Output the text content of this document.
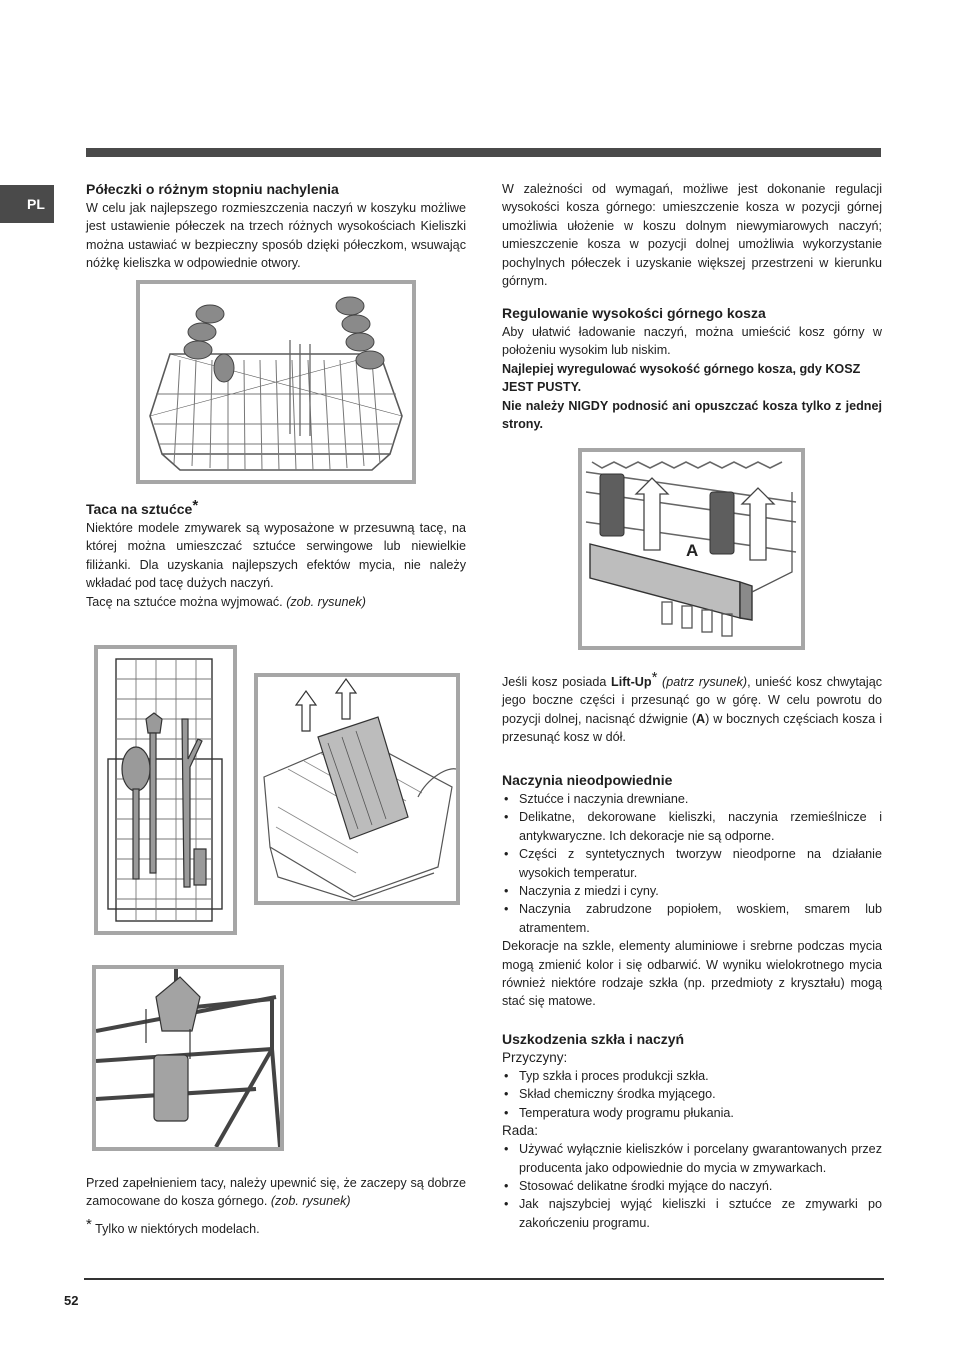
PL
Półeczki o różnym stopniu nachylenia

W celu jak najlepszego rozmieszczenia naczyń w koszyku możliwe jest ustawienie półeczek na trzech różnych wysokościach Kieliszki można ustawiać w bezpieczny sposób dzięki półeczkom, wsuwając nóżkę kieliszka w odpowiednie otwory.

Taca na sztućce*

Niektóre modele zmywarek są wyposażone w przesuwną tacę, na której można umieszczać sztućce serwingowe lub niewielkie filiżanki. Dla uzyskania najlepszych efektów mycia, nie należy wkładać pod tacę dużych naczyń.

Tacę na sztućce można wyjmować. (zob. rysunek)

Przed zapełnieniem tacy, należy upewnić się, że zaczepy są dobrze zamocowane do kosza górnego. (zob. rysunek)

* Tylko w niektórych modelach.

W zależności od wymagań, możliwe jest dokonanie regulacji wysokości kosza górnego: umieszczenie kosza w pozycji górnej umożliwia ułożenie w koszu dolnym niewymiarowych naczyń; umieszczenie kosza w pozycji dolnej umożliwia wykorzystanie pochylnych półeczek i uzyskanie większej przestrzeni w kierunku górnym.

Regulowanie wysokości górnego kosza

Aby ułatwić ładowanie naczyń, można umieścić kosz górny w położeniu wysokim lub niskim.

Najlepiej wyregulować wysokość górnego kosza, gdy KOSZ JEST PUSTY.

Nie należy NIGDY podnosić ani opuszczać kosza tylko z jednej strony.

A

Jeśli kosz posiada Lift-Up* (patrz rysunek), unieść kosz chwytając jego boczne części i przesunąć go w górę. W celu powrotu do pozycji dolnej, nacisnąć dźwignie (A) w bocznych częściach kosza i przesunąć kosz w dół.

Naczynia nieodpowiednie
• Sztućce i naczynia drewniane.
• Delikatne, dekorowane kieliszki, naczynia rzemieślnicze i antykwaryczne. Ich dekoracje nie są odporne.
• Części z syntetycznych tworzyw nieodporne na działanie wysokich temperatur.
• Naczynia z miedzi i cyny.
• Naczynia zabrudzone popiołem, woskiem, smarem lub atramentem.

Dekoracje na szkle, elementy aluminiowe i srebrne podczas mycia mogą zmienić kolor i się odbarwić. W wyniku wielokrotnego mycia również niektóre rodzaje szkła (np. przedmioty z kryształu) mogą stać się matowe.

Uszkodzenia szkła i naczyń
Przyczyny:
• Typ szkła i proces produkcji szkła.
• Skład chemiczny środka myjącego.
• Temperatura wody programu płukania.
Rada:
• Używać wyłącznie kieliszków i porcelany gwarantowanych przez producenta jako odpowiednie do mycia w zmywarkach.
• Stosować delikatne środki myjące do naczyń.
• Jak najszybciej wyjąć kieliszki i sztućce ze zmywarki po zakończeniu programu.
52
